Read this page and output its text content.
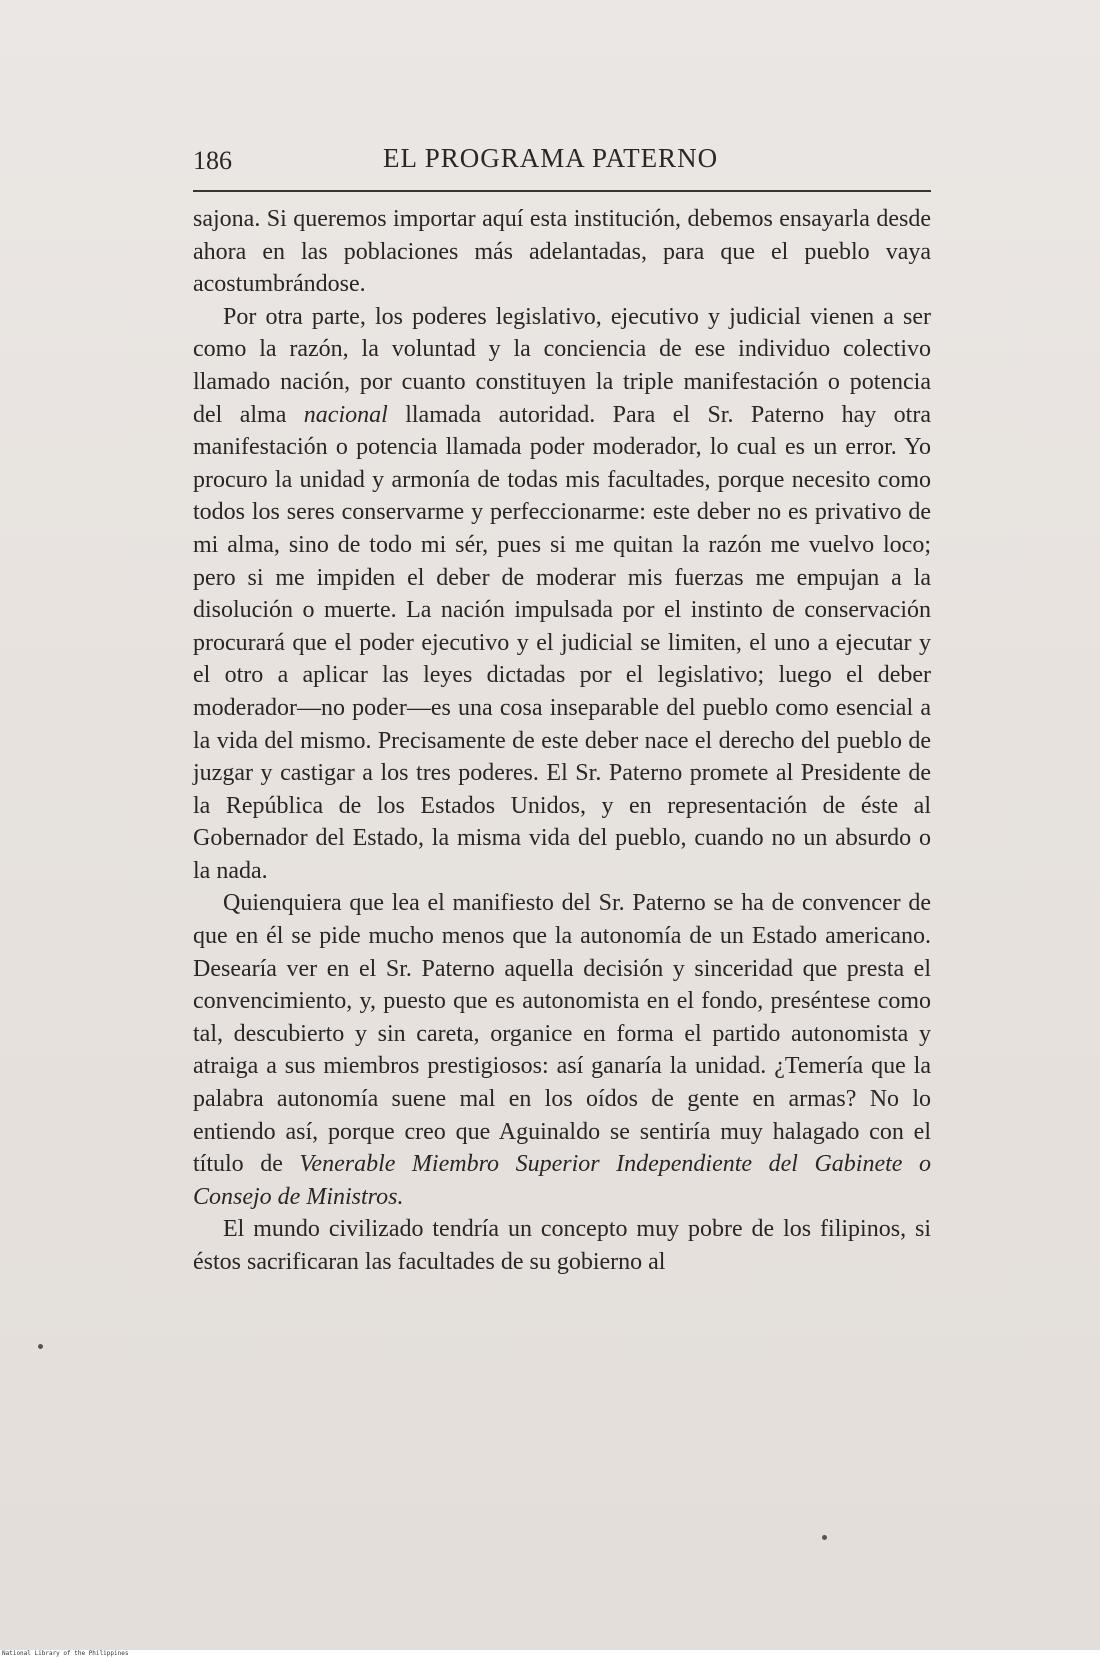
186	EL PROGRAMA PATERNO

sajona. Si queremos importar aquí esta institución, debemos ensayarla desde ahora en las poblaciones más adelantadas, para que el pueblo vaya acostumbrándose.

Por otra parte, los poderes legislativo, ejecutivo y judicial vienen a ser como la razón, la voluntad y la conciencia de ese individuo colectivo llamado nación, por cuanto constituyen la triple manifestación o potencia del alma nacional llamada autoridad. Para el Sr. Paterno hay otra manifestación o potencia llamada poder moderador, lo cual es un error. Yo procuro la unidad y armonía de todas mis facultades, porque necesito como todos los seres conservarme y perfeccionarme: este deber no es privativo de mi alma, sino de todo mi sér, pues si me quitan la razón me vuelvo loco; pero si me impiden el deber de moderar mis fuerzas me empujan a la disolución o muerte. La nación impulsada por el instinto de conservación procurará que el poder ejecutivo y el judicial se limiten, el uno a ejecutar y el otro a aplicar las leyes dictadas por el legislativo; luego el deber moderador—no poder—es una cosa inseparable del pueblo como esencial a la vida del mismo. Precisamente de este deber nace el derecho del pueblo de juzgar y castigar a los tres poderes. El Sr. Paterno promete al Presidente de la República de los Estados Unidos, y en representación de éste al Gobernador del Estado, la misma vida del pueblo, cuando no un absurdo o la nada.

Quienquiera que lea el manifiesto del Sr. Paterno se ha de convencer de que en él se pide mucho menos que la autonomía de un Estado americano. Desearía ver en el Sr. Paterno aquella decisión y sinceridad que presta el convencimiento, y, puesto que es autonomista en el fondo, preséntese como tal, descubierto y sin careta, organice en forma el partido autonomista y atraiga a sus miembros prestigiosos: así ganaría la unidad. ¿Temería que la palabra autonomía suene mal en los oídos de gente en armas? No lo entiendo así, porque creo que Aguinaldo se sentiría muy halagado con el título de Venerable Miembro Superior Independiente del Gabinete o Consejo de Ministros.

El mundo civilizado tendría un concepto muy pobre de los filipinos, si éstos sacrificaran las facultades de su gobierno al

National Library of the Philippines
